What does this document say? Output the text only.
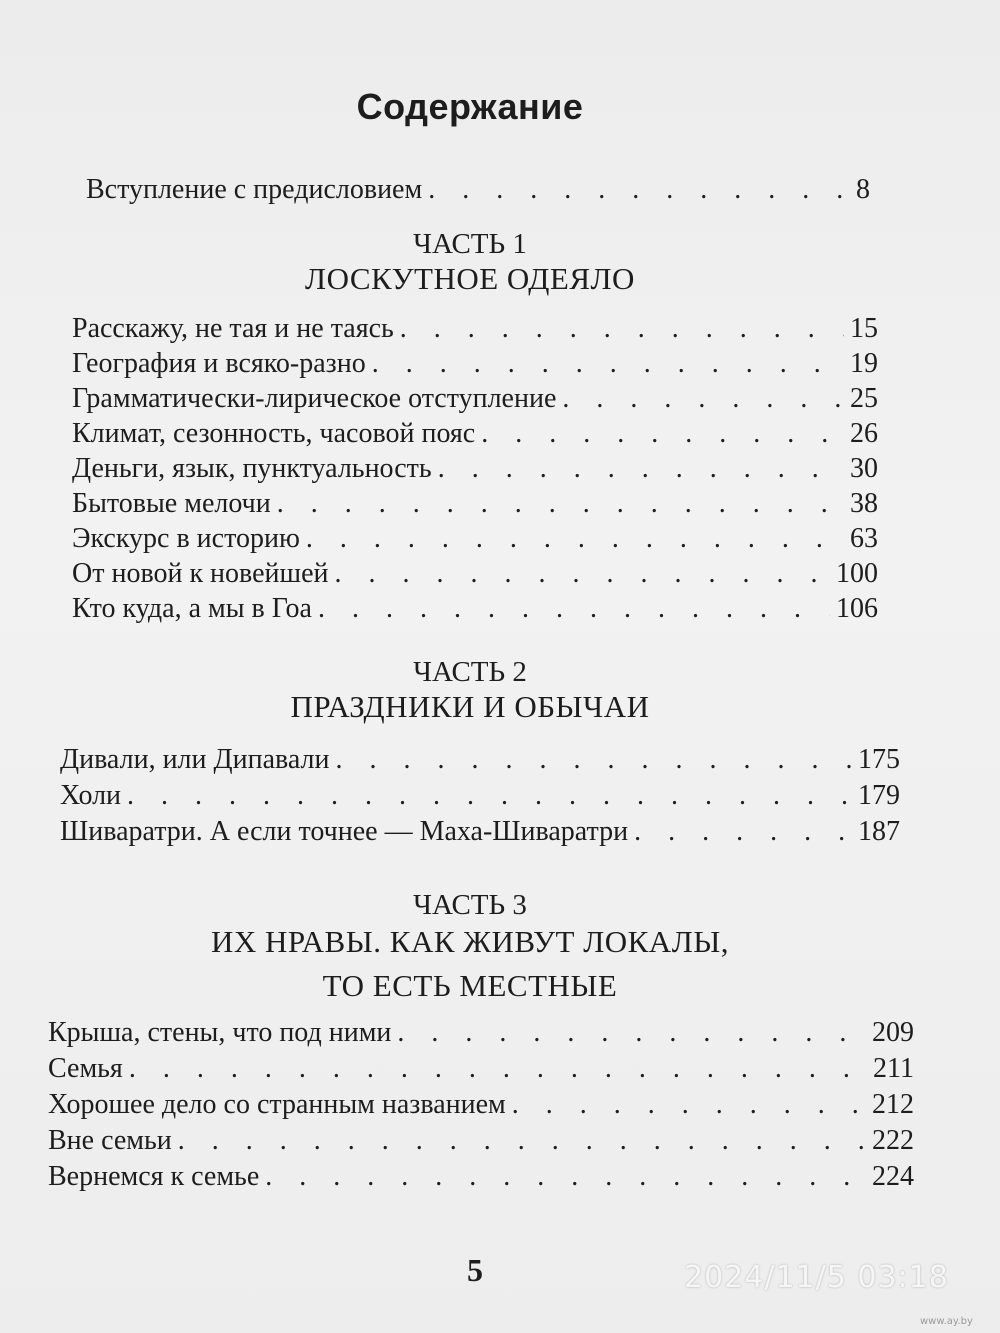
Содержание
Вступление с предисловием . . .	8
ЧАСТЬ 1
ЛОСКУТНОЕ ОДЕЯЛО
Расскажу, не тая и не таясь . . .	15
География и всяко-разно . . .	19
Грамматически-лирическое отступление . . .	25
Климат, сезонность, часовой пояс . . .	26
Деньги, язык, пунктуальность . . .	30
Бытовые мелочи . . .	38
Экскурс в историю . . .	63
От новой к новейшей . . .	100
Кто куда, а мы в Гоа . . .	106
ЧАСТЬ 2
ПРАЗДНИКИ И ОБЫЧАИ
Дивали, или Дипавали . . .	175
Холи . . .	179
Шиваратри. А если точнее — Маха-Шиваратри . . .	187
ЧАСТЬ 3
ИХ НРАВЫ. КАК ЖИВУТ ЛОКАЛЫ,
ТО ЕСТЬ МЕСТНЫЕ
Крыша, стены, что под ними . . .	209
Семья . . .	211
Хорошее дело со странным названием . . .	212
Вне семьи . . .	222
Вернемся к семье . . .	224
5	2024/11/5 03:18
www.ay.by
